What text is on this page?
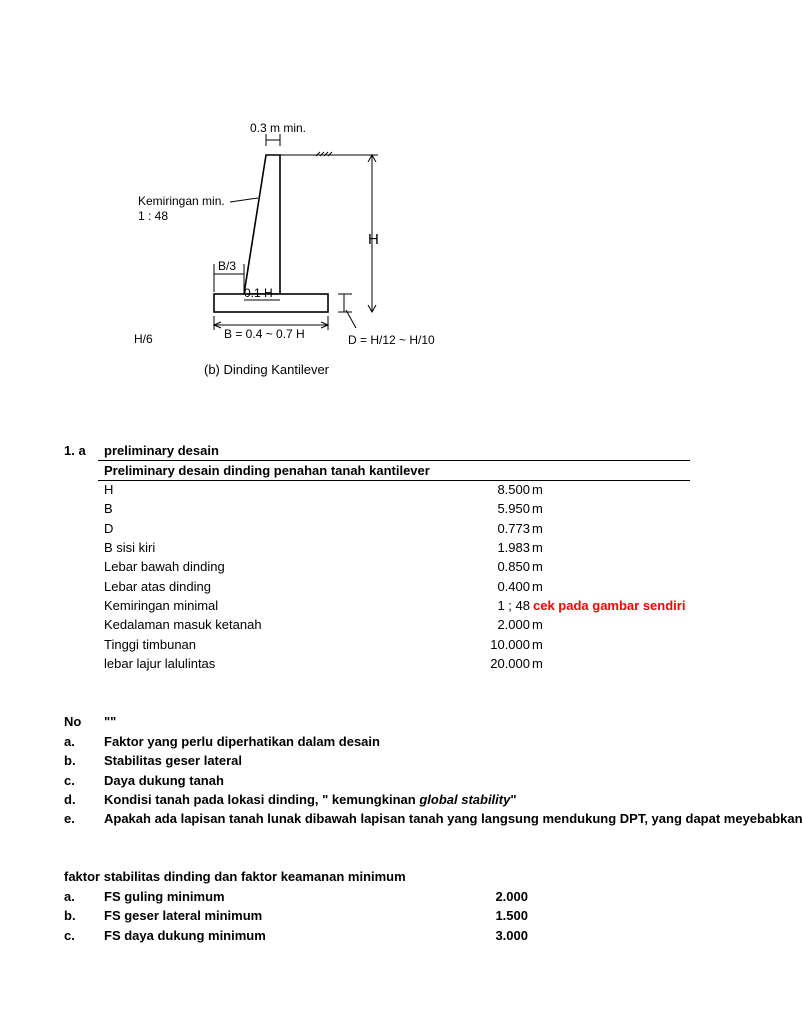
0.3 m min.
Kemiringan min.
1 : 48
H
D = H/12 ~ H/10
B/3
0.1 H
B = 0.4 ~ 0.7 H
H/6
(b) Dinding Kantilever
1. a preliminary desain
Preliminary desain dinding penahan tanah kantilever
H	8.500 m
B	5.950 m
D	0.773 m
B sisi kiri	1.983 m
Lebar bawah dinding	0.850 m
Lebar atas dinding	0.400 m
Kemiringan minimal	1 ; 48 cek pada gambar sendiri
Kedalaman masuk ketanah	2.000 m
Tinggi timbunan	10.000 m
lebar lajur lalulintas	20.000 m
No ""
a. Faktor yang perlu diperhatikan dalam desain
b. Stabilitas geser lateral
c. Daya dukung tanah
d. Kondisi tanah pada lokasi dinding, " kemungkinan global stability"
e. Apakah ada lapisan tanah lunak dibawah lapisan tanah yang langsung mendukung DPT, yang dapat meyebabkan
faktor stabilitas dinding dan faktor keamanan minimum
a. FS guling minimum	2.000
b. FS geser lateral minimum	1.500
c. FS daya dukung minimum	3.000
